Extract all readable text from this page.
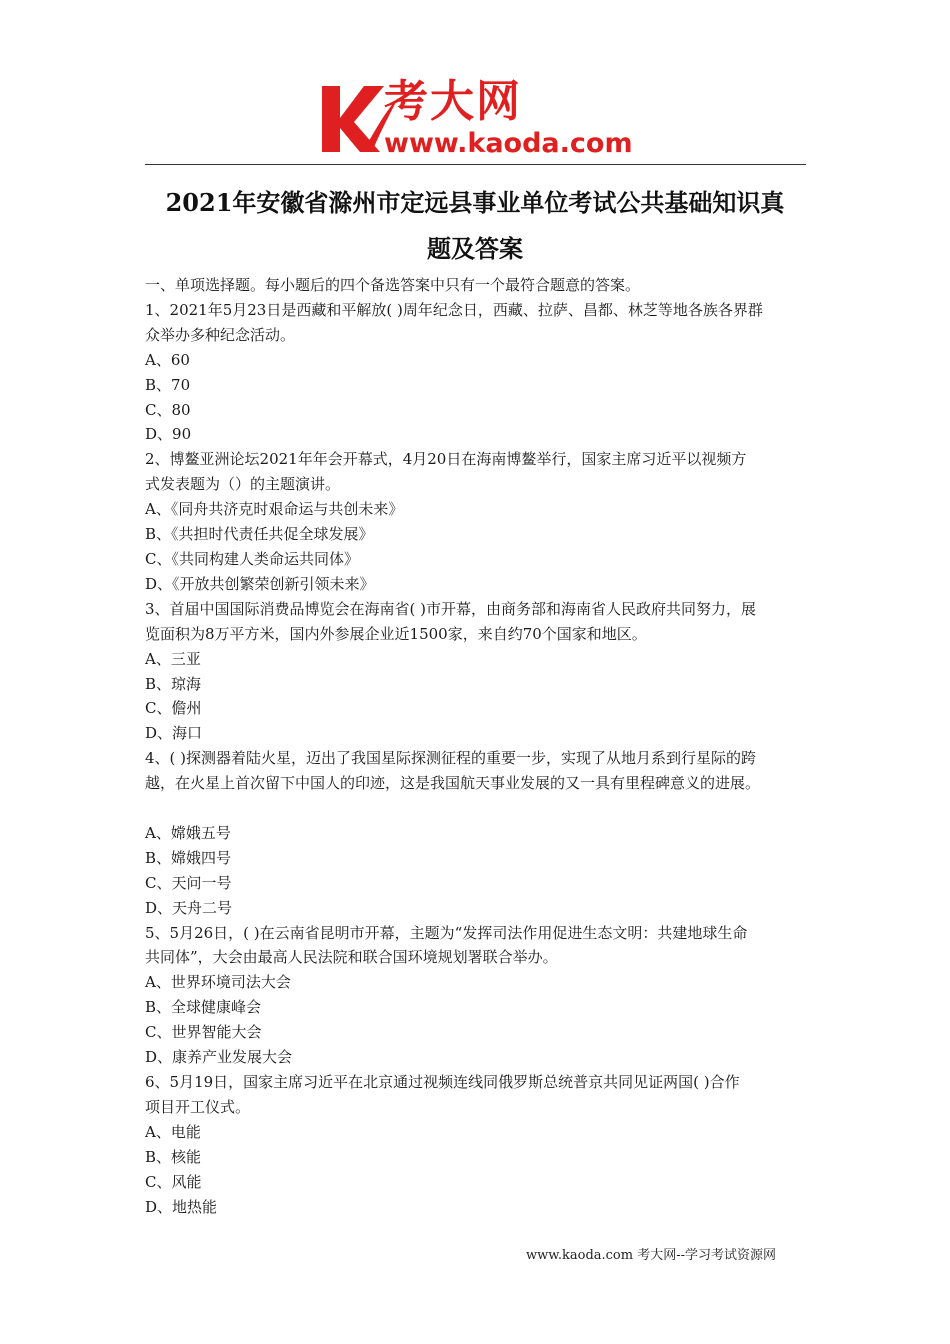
考大网
www.kaoda.com
2021年安徽省滁州市定远县事业单位考试公共基础知识真
题及答案
一、单项选择题。每小题后的四个备选答案中只有一个最符合题意的答案。
1、2021年5月23日是西藏和平解放( )周年纪念日，西藏、拉萨、昌都、林芝等地各族各界群
众举办多种纪念活动。
A、60
B、70
C、80
D、90
2、博鳌亚洲论坛2021年年会开幕式，4月20日在海南博鳌举行，国家主席习近平以视频方
式发表题为（）的主题演讲。
A、《同舟共济克时艰命运与共创未来》
B、《共担时代责任共促全球发展》
C、《共同构建人类命运共同体》
D、《开放共创繁荣创新引领未来》
3、首届中国国际消费品博览会在海南省( )市开幕，由商务部和海南省人民政府共同努力，展
览面积为8万平方米，国内外参展企业近1500家，来自约70个国家和地区。
A、三亚
B、琼海
C、儋州
D、海口
4、( )探测器着陆火星，迈出了我国星际探测征程的重要一步，实现了从地月系到行星际的跨
越，在火星上首次留下中国人的印迹，这是我国航天事业发展的又一具有里程碑意义的进展。
A、嫦娥五号
B、嫦娥四号
C、天问一号
D、天舟二号
5、5月26日，( )在云南省昆明市开幕，主题为“发挥司法作用促进生态文明：共建地球生命
共同体”，大会由最高人民法院和联合国环境规划署联合举办。
A、世界环境司法大会
B、全球健康峰会
C、世界智能大会
D、康养产业发展大会
6、5月19日，国家主席习近平在北京通过视频连线同俄罗斯总统普京共同见证两国( )合作
项目开工仪式。
A、电能
B、核能
C、风能
D、地热能
www.kaoda.com 考大网--学习考试资源网
